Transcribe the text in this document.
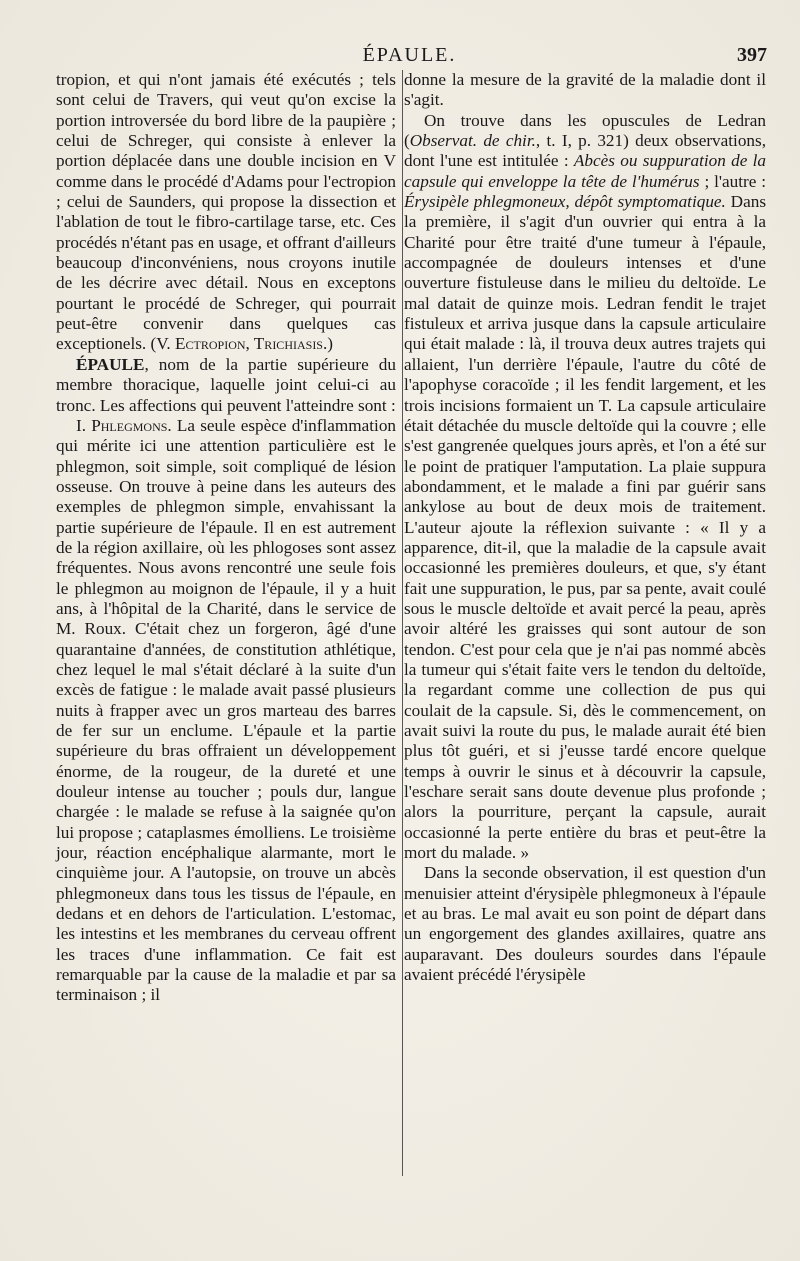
ÉPAULE.	397

tropion, et qui n'ont jamais été exécutés ; tels sont celui de Travers, qui veut qu'on excise la portion introversée du bord libre de la paupière ; celui de Schreger, qui consiste à enlever la portion déplacée dans une double incision en V comme dans le procédé d'Adams pour l'ectropion ; celui de Saunders, qui propose la dissection et l'ablation de tout le fibro-cartilage tarse, etc. Ces procédés n'étant pas en usage, et offrant d'ailleurs beaucoup d'inconvéniens, nous croyons inutile de les décrire avec détail. Nous en exceptons pourtant le procédé de Schreger, qui pourrait peut-être convenir dans quelques cas exceptionels. (V. Ectropion, Trichiasis.)

ÉPAULE, nom de la partie supérieure du membre thoracique, laquelle joint celui-ci au tronc. Les affections qui peuvent l'atteindre sont :

I. Phlegmons. La seule espèce d'inflammation qui mérite ici une attention particulière est le phlegmon, soit simple, soit compliqué de lésion osseuse. On trouve à peine dans les auteurs des exemples de phlegmon simple, envahissant la partie supérieure de l'épaule. Il en est autrement de la région axillaire, où les phlogoses sont assez fréquentes. Nous avons rencontré une seule fois le phlegmon au moignon de l'épaule, il y a huit ans, à l'hôpital de la Charité, dans le service de M. Roux. C'était chez un forgeron, âgé d'une quarantaine d'années, de constitution athlétique, chez lequel le mal s'était déclaré à la suite d'un excès de fatigue : le malade avait passé plusieurs nuits à frapper avec un gros marteau des barres de fer sur un enclume. L'épaule et la partie supérieure du bras offraient un développement énorme, de la rougeur, de la dureté et une douleur intense au toucher ; pouls dur, langue chargée : le malade se refuse à la saignée qu'on lui propose ; cataplasmes émolliens. Le troisième jour, réaction encéphalique alarmante, mort le cinquième jour. A l'autopsie, on trouve un abcès phlegmoneux dans tous les tissus de l'épaule, en dedans et en dehors de l'articulation. L'estomac, les intestins et les membranes du cerveau offrent les traces d'une inflammation. Ce fait est remarquable par la cause de la maladie et par sa terminaison ; il

donne la mesure de la gravité de la maladie dont il s'agit.

On trouve dans les opuscules de Ledran (Observat. de chir., t. I, p. 321) deux observations, dont l'une est intitulée : Abcès ou suppuration de la capsule qui enveloppe la tête de l'humérus ; l'autre : Érysipèle phlegmoneux, dépôt symptomatique. Dans la première, il s'agit d'un ouvrier qui entra à la Charité pour être traité d'une tumeur à l'épaule, accompagnée de douleurs intenses et d'une ouverture fistuleuse dans le milieu du deltoïde. Le mal datait de quinze mois. Ledran fendit le trajet fistuleux et arriva jusque dans la capsule articulaire qui était malade : là, il trouva deux autres trajets qui allaient, l'un derrière l'épaule, l'autre du côté de l'apophyse coracoïde ; il les fendit largement, et les trois incisions formaient un T. La capsule articulaire était détachée du muscle deltoïde qui la couvre ; elle s'est gangrenée quelques jours après, et l'on a été sur le point de pratiquer l'amputation. La plaie suppura abondamment, et le malade a fini par guérir sans ankylose au bout de deux mois de traitement. L'auteur ajoute la réflexion suivante : « Il y a apparence, dit-il, que la maladie de la capsule avait occasionné les premières douleurs, et que, s'y étant fait une suppuration, le pus, par sa pente, avait coulé sous le muscle deltoïde et avait percé la peau, après avoir altéré les graisses qui sont autour de son tendon. C'est pour cela que je n'ai pas nommé abcès la tumeur qui s'était faite vers le tendon du deltoïde, la regardant comme une collection de pus qui coulait de la capsule. Si, dès le commencement, on avait suivi la route du pus, le malade aurait été bien plus tôt guéri, et si j'eusse tardé encore quelque temps à ouvrir le sinus et à découvrir la capsule, l'eschare serait sans doute devenue plus profonde ; alors la pourriture, perçant la capsule, aurait occasionné la perte entière du bras et peut-être la mort du malade. »

Dans la seconde observation, il est question d'un menuisier atteint d'érysipèle phlegmoneux à l'épaule et au bras. Le mal avait eu son point de départ dans un engorgement des glandes axillaires, quatre ans auparavant. Des douleurs sourdes dans l'épaule avaient précédé l'érysipèle
